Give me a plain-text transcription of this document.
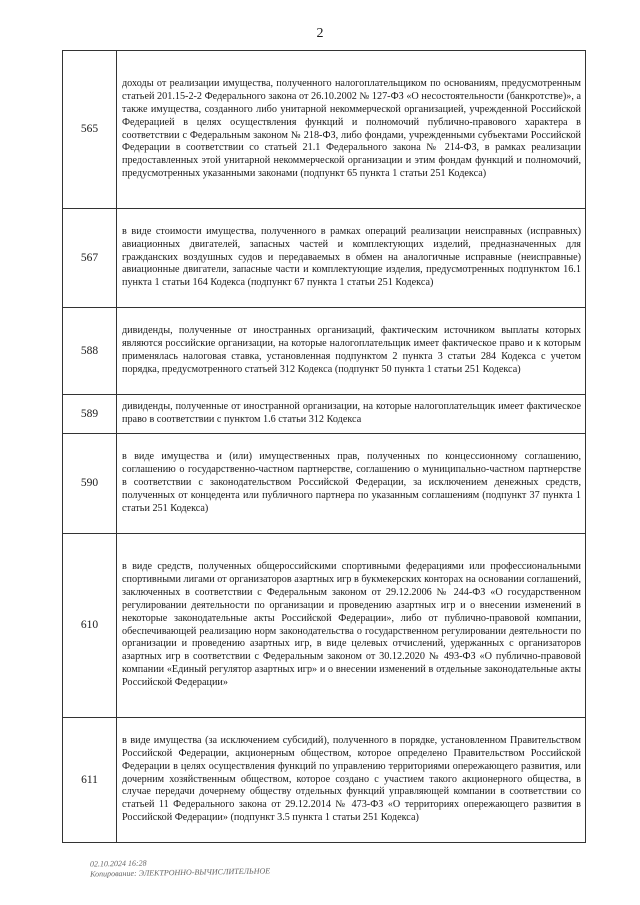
2
565	доходы от реализации имущества, полученного налогоплательщиком по основаниям, предусмотренным статьей 201.15-2-2 Федерального закона от 26.10.2002 № 127-ФЗ «О несостоятельности (банкротстве)», а также имущества, созданного либо унитарной некоммерческой организацией, учрежденной Российской Федерацией в целях осуществления функций и полномочий публично-правового характера в соответствии с Федеральным законом № 218-ФЗ, либо фондами, учрежденными субъектами Российской Федерации в соответствии со статьей 21.1 Федерального закона № 214-ФЗ, в рамках реализации предоставленных этой унитарной некоммерческой организации и этим фондам функций и полномочий, предусмотренных указанными законами (подпункт 65 пункта 1 статьи 251 Кодекса)
567	в виде стоимости имущества, полученного в рамках операций реализации неисправных (исправных) авиационных двигателей, запасных частей и комплектующих изделий, предназначенных для гражданских воздушных судов и передаваемых в обмен на аналогичные исправные (неисправные) авиационные двигатели, запасные части и комплектующие изделия, предусмотренных подпунктом 16.1 пункта 1 статьи 164 Кодекса (подпункт 67 пункта 1 статьи 251 Кодекса)
588	дивиденды, полученные от иностранных организаций, фактическим источником выплаты которых являются российские организации, на которые налогоплательщик имеет фактическое право и к которым применялась налоговая ставка, установленная подпунктом 2 пункта 3 статьи 284 Кодекса с учетом порядка, предусмотренного статьей 312 Кодекса (подпункт 50 пункта 1 статьи 251 Кодекса)
589	дивиденды, полученные от иностранной организации, на которые налогоплательщик имеет фактическое право в соответствии с пунктом 1.6 статьи 312 Кодекса
590	в виде имущества и (или) имущественных прав, полученных по концессионному соглашению, соглашению о государственно-частном партнерстве, соглашению о муниципально-частном партнерстве в соответствии с законодательством Российской Федерации, за исключением денежных средств, полученных от концедента или публичного партнера по указанным соглашениям (подпункт 37 пункта 1 статьи 251 Кодекса)
610	в виде средств, полученных общероссийскими спортивными федерациями или профессиональными спортивными лигами от организаторов азартных игр в букмекерских конторах на основании соглашений, заключенных в соответствии с Федеральным законом от 29.12.2006 № 244-ФЗ «О государственном регулировании деятельности по организации и проведению азартных игр и о внесении изменений в некоторые законодательные акты Российской Федерации», либо от публично-правовой компании, обеспечивающей реализацию норм законодательства о государственном регулировании деятельности по организации и проведению азартных игр, в виде целевых отчислений, удержанных с организаторов азартных игр в соответствии с Федеральным законом от 30.12.2020 № 493-ФЗ «О публично-правовой компании «Единый регулятор азартных игр» и о внесении изменений в отдельные законодательные акты Российской Федерации»
611	в виде имущества (за исключением субсидий), полученного в порядке, установленном Правительством Российской Федерации, акционерным обществом, которое определено Правительством Российской Федерации в целях осуществления функций по управлению территориями опережающего развития, или дочерним хозяйственным обществом, которое создано с участием такого акционерного общества, в случае передачи дочернему обществу отдельных функций управляющей компании в соответствии со статьей 11 Федерального закона от 29.12.2014 № 473-ФЗ «О территориях опережающего развития в Российской Федерации» (подпункт 3.5 пункта 1 статьи 251 Кодекса)
02.10.2024 16:28
Копирование: ЭЛЕКТРОННО-ВЫЧИСЛИТЕЛЬНОЕ
